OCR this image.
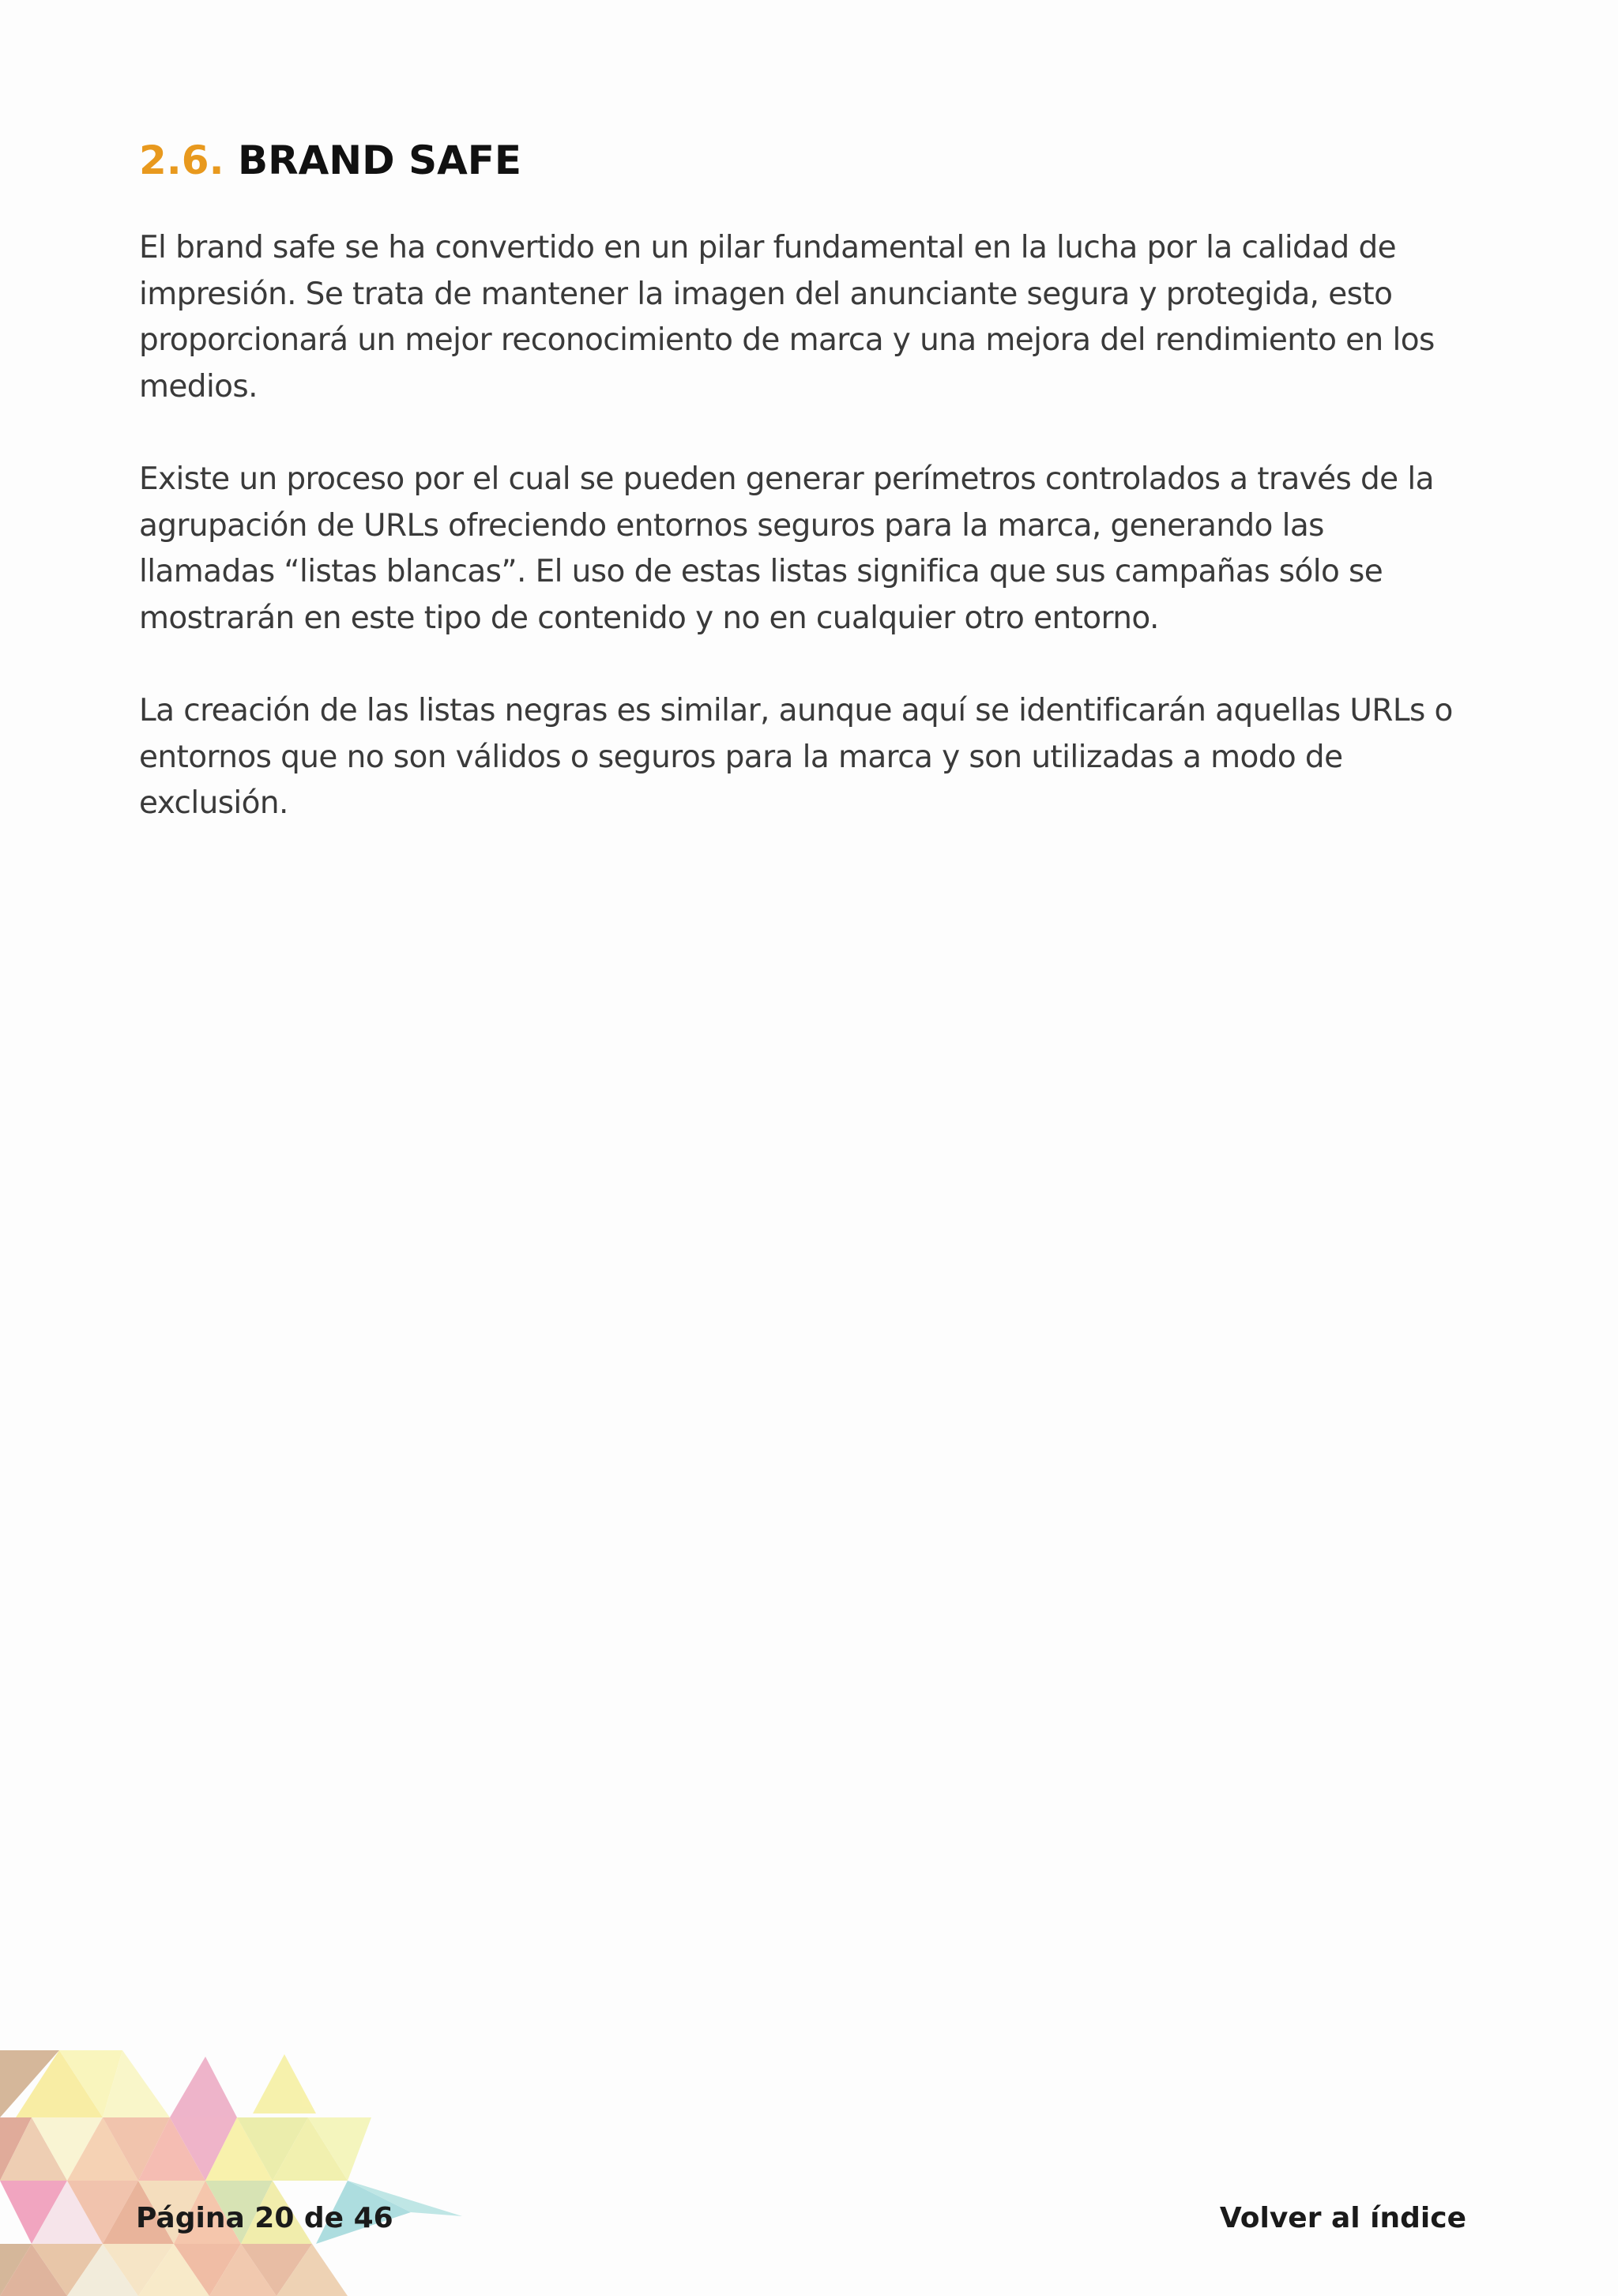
2.6. BRAND SAFE

El brand safe se ha convertido en un pilar fundamental en la lucha por la calidad de impresión. Se trata de mantener la imagen del anunciante segura y protegida, esto proporcionará un mejor reconocimiento de marca y una mejora del rendimiento en los medios.

Existe un proceso por el cual se pueden generar perímetros controlados a través de la agrupación de URLs ofreciendo entornos seguros para la marca, generando las llamadas “listas blancas”. El uso de estas listas significa que sus campañas sólo se mostrarán en este tipo de contenido y no en cualquier otro entorno.

La creación de las listas negras es similar, aunque aquí se identificarán aquellas URLs o entornos que no son válidos o seguros para la marca y son utilizadas a modo de exclusión.

Página 20 de 46	Volver al índice
